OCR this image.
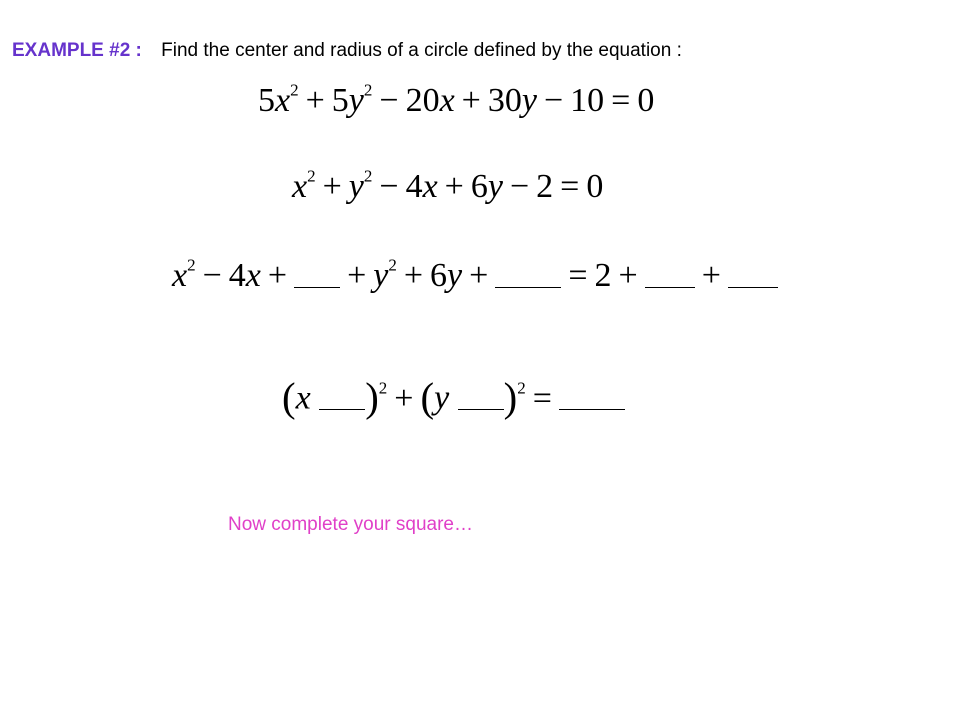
EXAMPLE #2 : Find the center and radius of a circle defined by the equation :
$5x^2 + 5y^2 - 20x + 30y - 10 = 0$
$x^2 + y^2 - 4x + 6y - 2 = 0$
$x^2 - 4x$ + + $y^2 + 6y$ + = 2 + +
(x )$^2$ + (y )$^2$ =
Now complete your square…
